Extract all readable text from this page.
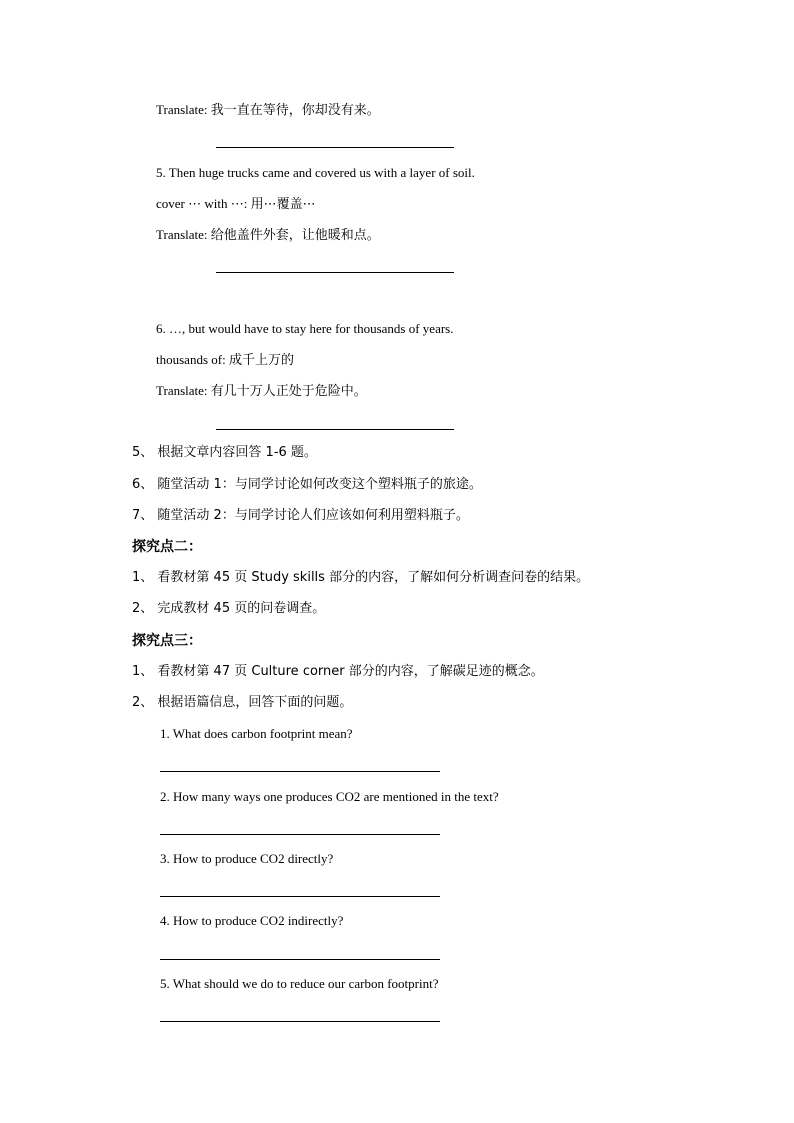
Translate: 我一直在等待，你却没有来。
5. Then huge trucks came and covered us with a layer of soil.
cover ⋯ with ⋯: 用⋯覆盖⋯
Translate: 给他盖件外套，让他暖和点。
6. …, but would have to stay here for thousands of years.
thousands of: 成千上万的
Translate: 有几十万人正处于危险中。
5、 根据文章内容回答 1-6 题。
6、 随堂活动 1：与同学讨论如何改变这个塑料瓶子的旅途。
7、 随堂活动 2：与同学讨论人们应该如何利用塑料瓶子。
探究点二：
1、 看教材第 45 页 Study skills 部分的内容，了解如何分析调查问卷的结果。
2、 完成教材 45 页的问卷调查。
探究点三：
1、 看教材第 47 页 Culture corner 部分的内容，了解碳足迹的概念。
2、 根据语篇信息，回答下面的问题。
1. What does carbon footprint mean?
2. How many ways one produces CO2 are mentioned in the text?
3. How to produce CO2 directly?
4. How to produce CO2 indirectly?
5. What should we do to reduce our carbon footprint?
